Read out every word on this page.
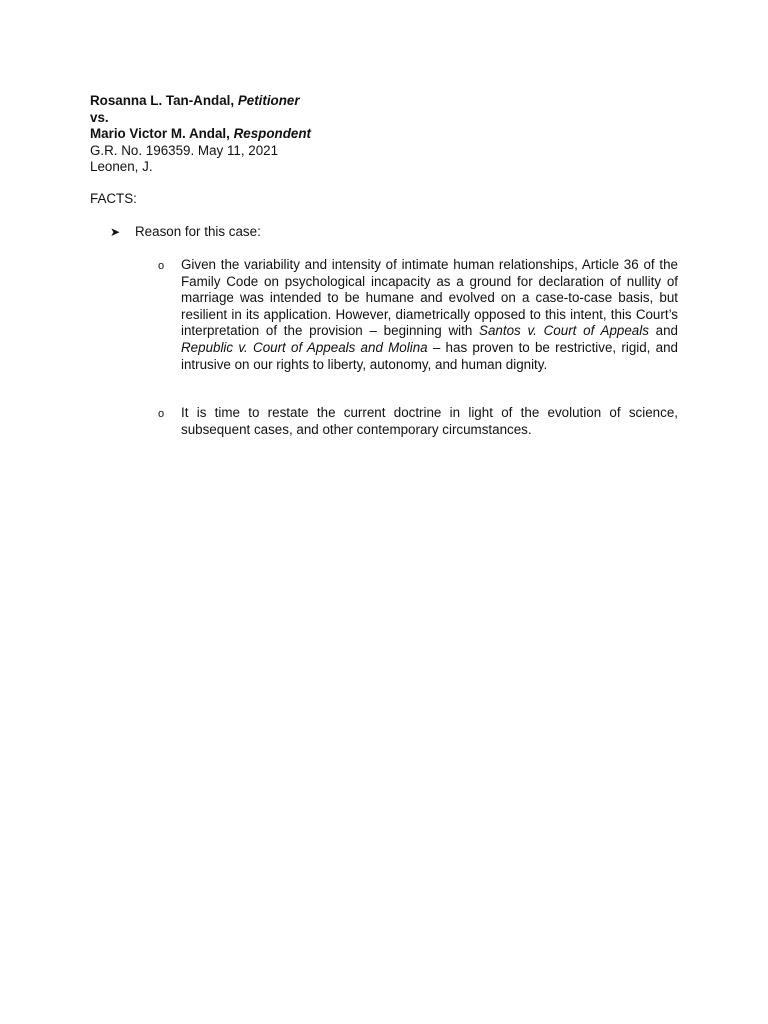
Rosanna L. Tan-Andal, Petitioner
vs.
Mario Victor M. Andal, Respondent
G.R. No. 196359. May 11, 2021
Leonen, J.
FACTS:
➤	Reason for this case:
o	Given the variability and intensity of intimate human relationships, Article 36 of the Family Code on psychological incapacity as a ground for declaration of nullity of marriage was intended to be humane and evolved on a case-to-case basis, but resilient in its application. However, diametrically opposed to this intent, this Court’s interpretation of the provision – beginning with Santos v. Court of Appeals and Republic v. Court of Appeals and Molina – has proven to be restrictive, rigid, and intrusive on our rights to liberty, autonomy, and human dignity.
o	It is time to restate the current doctrine in light of the evolution of science, subsequent cases, and other contemporary circumstances.
